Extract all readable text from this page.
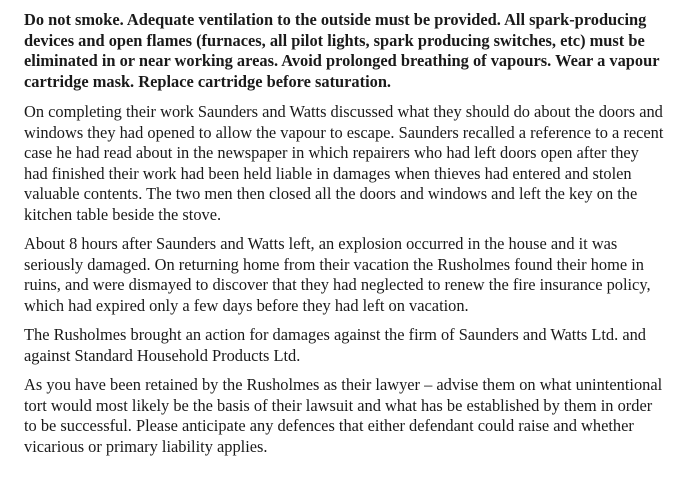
Do not smoke. Adequate ventilation to the outside must be provided. All spark-producing devices and open flames (furnaces, all pilot lights, spark producing switches, etc) must be eliminated in or near working areas. Avoid prolonged breathing of vapours. Wear a vapour cartridge mask. Replace cartridge before saturation.

On completing their work Saunders and Watts discussed what they should do about the doors and windows they had opened to allow the vapour to escape. Saunders recalled a reference to a recent case he had read about in the newspaper in which repairers who had left doors open after they had finished their work had been held liable in damages when thieves had entered and stolen valuable contents. The two men then closed all the doors and windows and left the key on the kitchen table beside the stove.

About 8 hours after Saunders and Watts left, an explosion occurred in the house and it was seriously damaged. On returning home from their vacation the Rusholmes found their home in ruins, and were dismayed to discover that they had neglected to renew the fire insurance policy, which had expired only a few days before they had left on vacation.

The Rusholmes brought an action for damages against the firm of Saunders and Watts Ltd. and against Standard Household Products Ltd.

As you have been retained by the Rusholmes as their lawyer – advise them on what unintentional tort would most likely be the basis of their lawsuit and what has be established by them in order to be successful. Please anticipate any defences that either defendant could raise and whether vicarious or primary liability applies.
